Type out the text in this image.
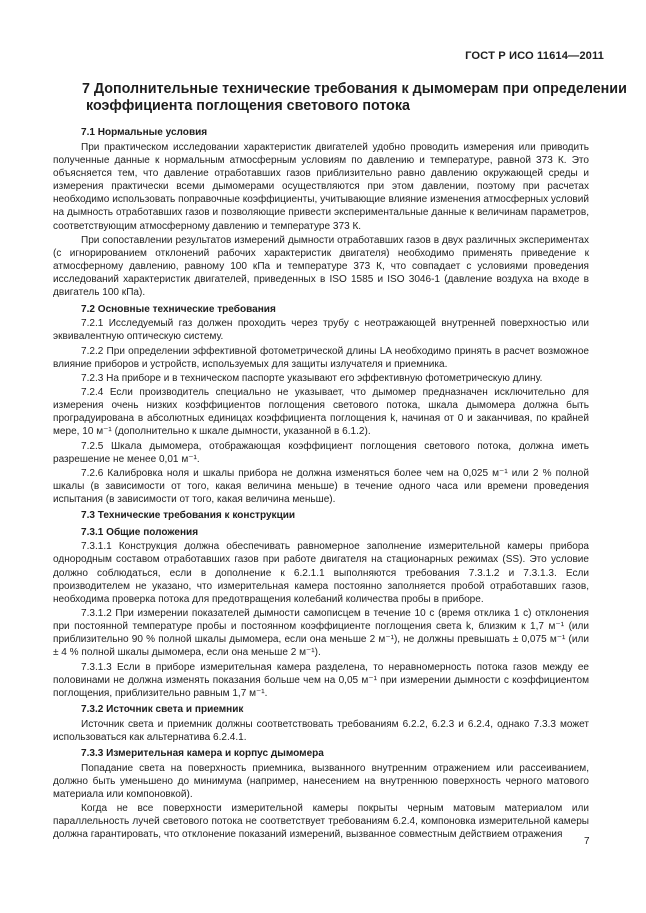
ГОСТ Р ИСО 11614—2011
7 Дополнительные технические требования к дымомерам при определении
коэффициента поглощения светового потока
7.1 Нормальные условия
При практическом исследовании характеристик двигателей удобно проводить измерения или приводить полученные данные к нормальным атмосферным условиям по давлению и температуре, равной 373 К. Это объясняется тем, что давление отработавших газов приблизительно равно давлению окружающей среды и измерения практически всеми дымомерами осуществляются при этом давлении, поэтому при расчетах необходимо использовать поправочные коэффициенты, учитывающие влияние изменения атмосферных условий на дымность отработавших газов и позволяющие привести экспериментальные данные к величинам параметров, соответствующим атмосферному давлению и температуре 373 К.
При сопоставлении результатов измерений дымности отработавших газов в двух различных экспериментах (с игнорированием отклонений рабочих характеристик двигателя) необходимо применять приведение к атмосферному давлению, равному 100 кПа и температуре 373 К, что совпадает с условиями проведения исследований характеристик двигателей, приведенных в ISO 1585 и ISO 3046-1 (давление воздуха на входе в двигатель 100 кПа).
7.2 Основные технические требования
7.2.1 Исследуемый газ должен проходить через трубу с неотражающей внутренней поверхностью или эквивалентную оптическую систему.
7.2.2 При определении эффективной фотометрической длины LA необходимо принять в расчет возможное влияние приборов и устройств, используемых для защиты излучателя и приемника.
7.2.3 На приборе и в техническом паспорте указывают его эффективную фотометрическую длину.
7.2.4 Если производитель специально не указывает, что дымомер предназначен исключительно для измерения очень низких коэффициентов поглощения светового потока, шкала дымомера должна быть проградуирована в абсолютных единицах коэффициента поглощения k, начиная от 0 и заканчивая, по крайней мере, 10 м⁻¹ (дополнительно к шкале дымности, указанной в 6.1.2).
7.2.5 Шкала дымомера, отображающая коэффициент поглощения светового потока, должна иметь разрешение не менее 0,01 м⁻¹.
7.2.6 Калибровка ноля и шкалы прибора не должна изменяться более чем на 0,025 м⁻¹ или 2 % полной шкалы (в зависимости от того, какая величина меньше) в течение одного часа или времени проведения испытания (в зависимости от того, какая величина меньше).
7.3 Технические требования к конструкции
7.3.1 Общие положения
7.3.1.1 Конструкция должна обеспечивать равномерное заполнение измерительной камеры прибора однородным составом отработавших газов при работе двигателя на стационарных режимах (SS). Это условие должно соблюдаться, если в дополнение к 6.2.1.1 выполняются требования 7.3.1.2 и 7.3.1.3. Если производителем не указано, что измерительная камера постоянно заполняется пробой отработавших газов, необходима проверка потока для предотвращения колебаний количества пробы в приборе.
7.3.1.2 При измерении показателей дымности самописцем в течение 10 с (время отклика 1 с) отклонения при постоянной температуре пробы и постоянном коэффициенте поглощения света k, близким к 1,7 м⁻¹ (или приблизительно 90 % полной шкалы дымомера, если она меньше 2 м⁻¹), не должны превышать ± 0,075 м⁻¹ (или ± 4 % полной шкалы дымомера, если она меньше 2 м⁻¹).
7.3.1.3 Если в приборе измерительная камера разделена, то неравномерность потока газов между ее половинами не должна изменять показания больше чем на 0,05 м⁻¹ при измерении дымности с коэффициентом поглощения, приблизительно равным 1,7 м⁻¹.
7.3.2 Источник света и приемник
Источник света и приемник должны соответствовать требованиям 6.2.2, 6.2.3 и 6.2.4, однако 7.3.3 может использоваться как альтернатива 6.2.4.1.
7.3.3 Измерительная камера и корпус дымомера
Попадание света на поверхность приемника, вызванного внутренним отражением или рассеиванием, должно быть уменьшено до минимума (например, нанесением на внутреннюю поверхность черного матового материала или компоновкой).
Когда не все поверхности измерительной камеры покрыты черным матовым материалом или параллельность лучей светового потока не соответствует требованиям 6.2.4, компоновка измерительной камеры должна гарантировать, что отклонение показаний измерений, вызванное совместным действием отражения
7
